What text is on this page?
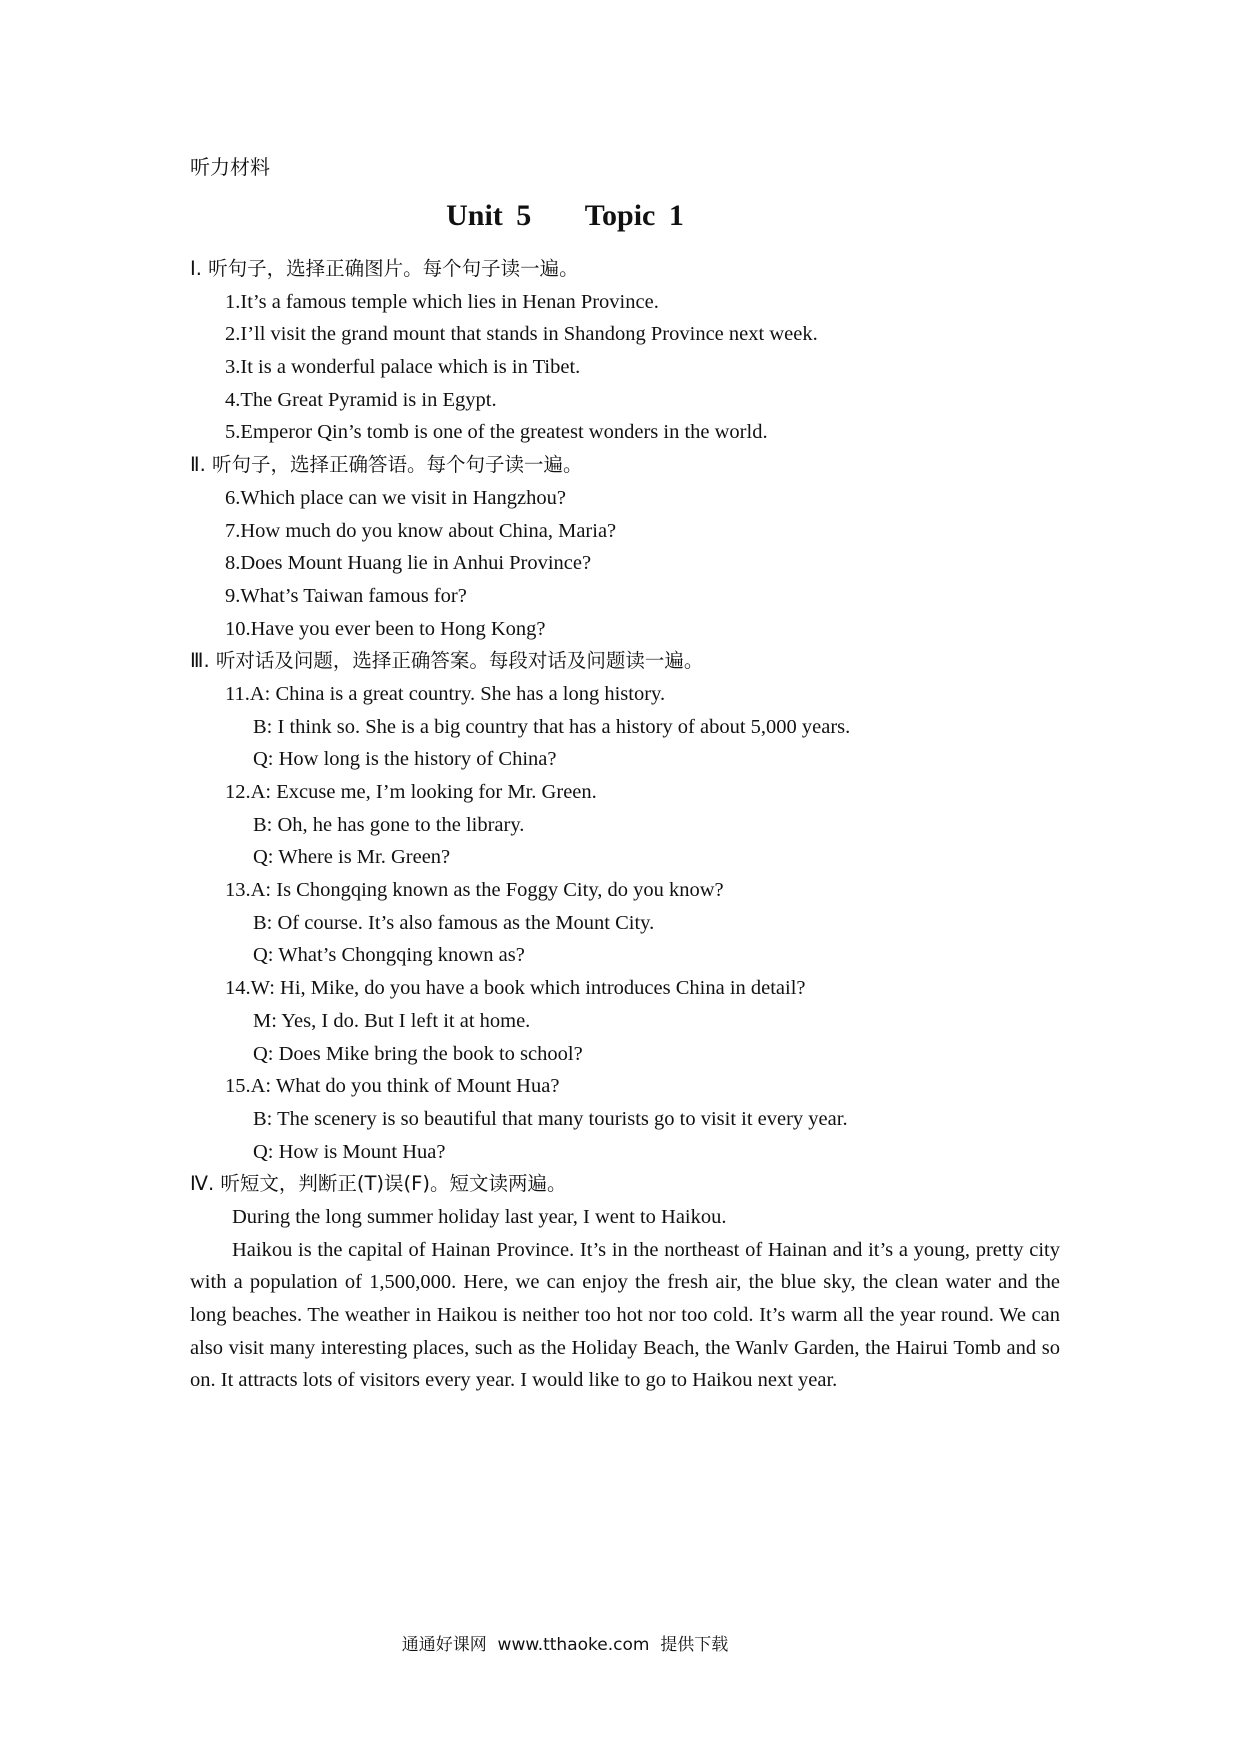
听力材料
Unit 5    Topic 1
Ⅰ. 听句子，选择正确图片。每个句子读一遍。
1.It’s a famous temple which lies in Henan Province.
2.I’ll visit the grand mount that stands in Shandong Province next week.
3.It is a wonderful palace which is in Tibet.
4.The Great Pyramid is in Egypt.
5.Emperor Qin’s tomb is one of the greatest wonders in the world.
Ⅱ. 听句子，选择正确答语。每个句子读一遍。
6.Which place can we visit in Hangzhou?
7.How much do you know about China, Maria?
8.Does Mount Huang lie in Anhui Province?
9.What’s Taiwan famous for?
10.Have you ever been to Hong Kong?
Ⅲ. 听对话及问题，选择正确答案。每段对话及问题读一遍。
11.A: China is a great country. She has a long history.
B: I think so. She is a big country that has a history of about 5,000 years.
Q: How long is the history of China?
12.A: Excuse me, I’m looking for Mr. Green.
B: Oh, he has gone to the library.
Q: Where is Mr. Green?
13.A: Is Chongqing known as the Foggy City, do you know?
B: Of course. It’s also famous as the Mount City.
Q: What’s Chongqing known as?
14.W: Hi, Mike, do you have a book which introduces China in detail?
M: Yes, I do. But I left it at home.
Q: Does Mike bring the book to school?
15.A: What do you think of Mount Hua?
B: The scenery is so beautiful that many tourists go to visit it every year.
Q: How is Mount Hua?
Ⅳ. 听短文，判断正(T)误(F)。短文读两遍。
During the long summer holiday last year, I went to Haikou.

Haikou is the capital of Hainan Province. It’s in the northeast of Hainan and it’s a young, pretty city with a population of 1,500,000. Here, we can enjoy the fresh air, the blue sky, the clean water and the long beaches. The weather in Haikou is neither too hot nor too cold. It’s warm all the year round. We can also visit many interesting places, such as the Holiday Beach, the Wanlv Garden, the Hairui Tomb and so on. It attracts lots of visitors every year. I would like to go to Haikou next year.

通通好课网  www.tthaoke.com  提供下载
